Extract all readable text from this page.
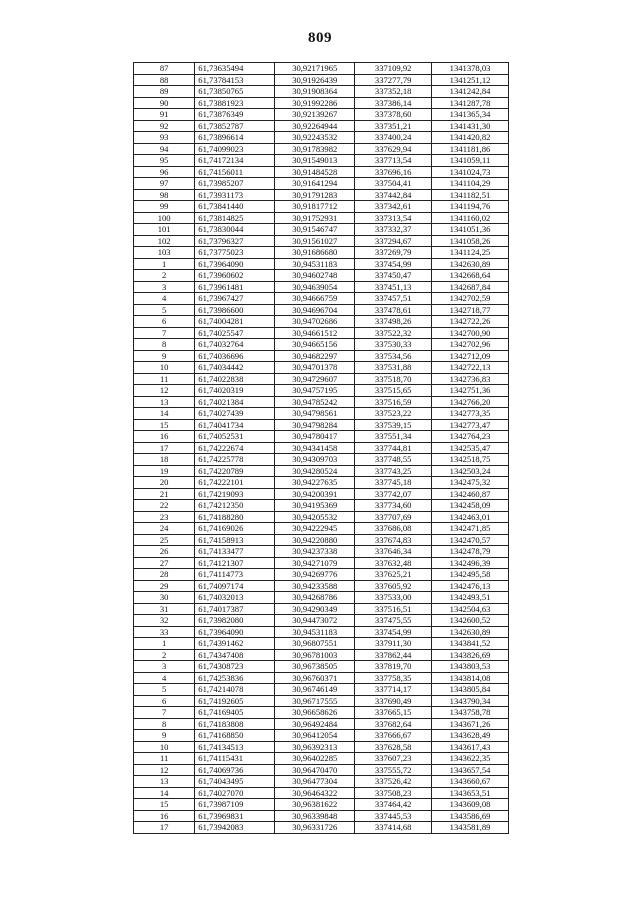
809
87	61,73635494	30,92171965	337109,92	1341378,03
88	61,73784153	30,91926439	337277,79	1341251,12
89	61,73850765	30,91908364	337352,18	1341242,84
90	61,73881923	30,91992286	337386,14	1341287,78
91	61,73876349	30,92139267	337378,60	1341365,34
92	61,73852787	30,92264944	337351,21	1341431,30
93	61,73896614	30,92243532	337400,24	1341420,82
94	61,74099023	30,91783982	337629,94	1341181,86
95	61,74172134	30,91549013	337713,54	1341059,11
96	61,74156011	30,91484528	337696,16	1341024,73
97	61,73985207	30,91641294	337504,41	1341104,29
98	61,73931173	30,91791283	337442,84	1341182,51
99	61,73841440	30,91817712	337342,61	1341194,76
100	61,73814825	30,91752931	337313,54	1341160,02
101	61,73830044	30,91546747	337332,37	1341051,36
102	61,73796327	30,91561027	337294,67	1341058,26
103	61,73775023	30,91686680	337269,79	1341124,25
1	61,73964090	30,94531183	337454,99	1342630,89
2	61,73960602	30,94602748	337450,47	1342668,64
3	61,73961481	30,94639054	337451,13	1342687,84
4	61,73967427	30,94666759	337457,51	1342702,59
5	61,73986600	30,94696704	337478,61	1342718,77
6	61,74004281	30,94702686	337498,26	1342722,26
7	61,74025547	30,94661512	337522,32	1342700,90
8	61,74032764	30,94665156	337530,33	1342702,96
9	61,74036696	30,94682297	337534,56	1342712,09
10	61,74034442	30,94701378	337531,88	1342722,13
11	61,74022838	30,94729607	337518,70	1342736,83
12	61,74020319	30,94757195	337515,65	1342751,36
13	61,74021384	30,94785242	337516,59	1342766,20
14	61,74027439	30,94798561	337523,22	1342773,35
15	61,74041734	30,94798284	337539,15	1342773,47
16	61,74052531	30,94780417	337551,34	1342764,23
17	61,74222674	30,94341458	337744,81	1342535,47
18	61,74225778	30,94309703	337748,55	1342518,75
19	61,74220789	30,94280524	337743,25	1342503,24
20	61,74222101	30,94227635	337745,18	1342475,32
21	61,74219093	30,94200391	337742,07	1342460,87
22	61,74212350	30,94195369	337734,60	1342458,09
23	61,74188280	30,94205532	337707,69	1342463,01
24	61,74169026	30,94222945	337686,08	1342471,85
25	61,74158913	30,94220880	337674,83	1342470,57
26	61,74133477	30,94237338	337646,34	1342478,79
27	61,74121307	30,94271079	337632,48	1342496,39
28	61,74114773	30,94269776	337625,21	1342495,58
29	61,74097174	30,94233588	337605,92	1342476,13
30	61,74032013	30,94268786	337533,00	1342493,51
31	61,74017387	30,94290349	337516,51	1342504,63
32	61,73982080	30,94473072	337475,55	1342600,52
33	61,73964090	30,94531183	337454,99	1342630,89
1	61,74391462	30,96807551	337911,30	1343841,52
2	61,74347408	30,96781003	337862,44	1343826,69
3	61,74308723	30,96738505	337819,70	1343803,53
4	61,74253836	30,96760371	337758,35	1343814,08
5	61,74214078	30,96746149	337714,17	1343805,84
6	61,74192605	30,96717555	337690,49	1343790,34
7	61,74169405	30,96658626	337665,15	1343758,78
8	61,74183808	30,96492484	337682,64	1343671,26
9	61,74168850	30,96412054	337666,67	1343628,49
10	61,74134513	30,96392313	337628,58	1343617,43
11	61,74115431	30,96402285	337607,23	1343622,35
12	61,74069736	30,96470470	337555,72	1343657,54
13	61,74043495	30,96477304	337526,42	1343660,67
14	61,74027070	30,96464322	337508,23	1343653,51
15	61,73987109	30,96381622	337464,42	1343609,08
16	61,73969831	30,96339848	337445,53	1343586,69
17	61,73942083	30,96331726	337414,68	1343581,89
